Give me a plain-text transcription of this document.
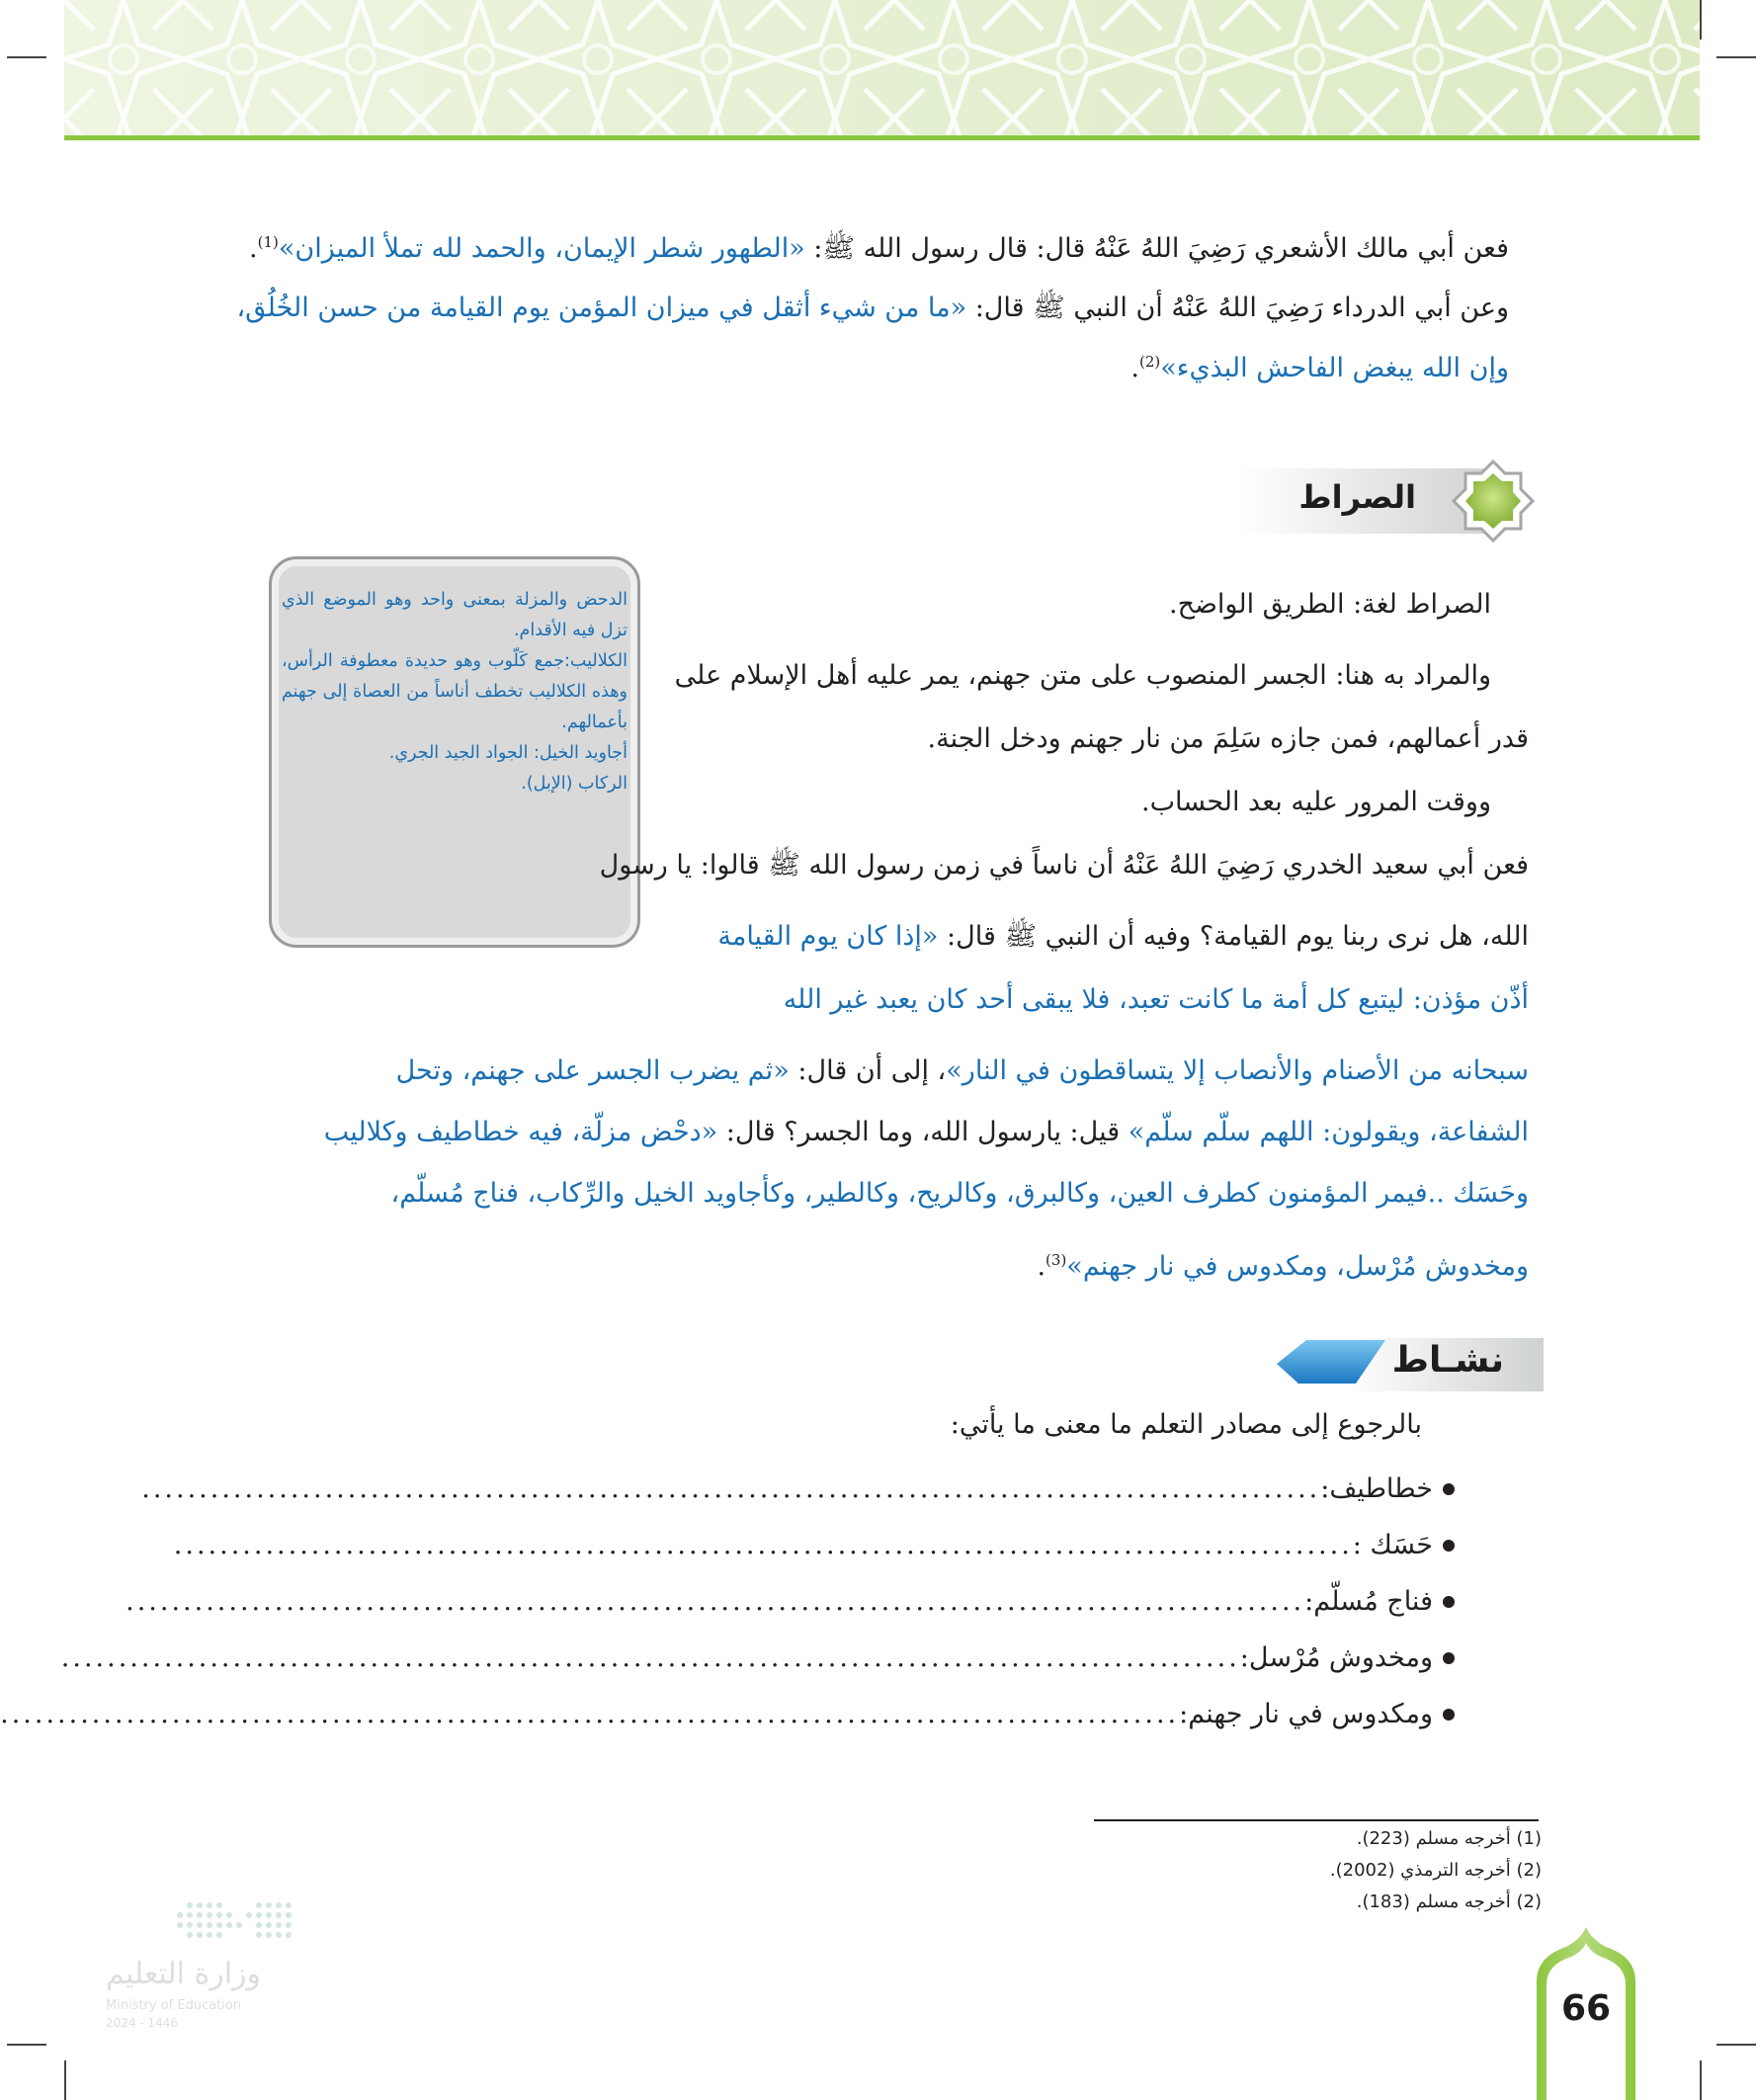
فعن أبي مالك الأشعري رَضِيَ اللهُ عَنْهُ قال: قال رسول الله ﷺ: «الطهور شطر الإيمان، والحمد لله تملأ الميزان»$^{(1)}$.
وعن أبي الدرداء رَضِيَ اللهُ عَنْهُ أن النبي ﷺ قال: «ما من شيء أثقل في ميزان المؤمن يوم القيامة من حسن الخُلُق،
وإن الله يبغض الفاحش البذيء»$^{(2)}$.
الصراط

الدحض والمزلة بمعنى واحد وهو الموضع الذي تزل فيه الأقدام.

الكلاليب:جمع كَلّوب وهو حديدة معطوفة الرأس، وهذه الكلاليب تخطف أناساً من العصاة إلى جهنم بأعمالهم.

أجاويد الخيل: الجواد الجيد الجري.

الركاب (الإبل).

الصراط لغة: الطريق الواضح.
والمراد به هنا: الجسر المنصوب على متن جهنم، يمر عليه أهل الإسلام على
قدر أعمالهم، فمن جازه سَلِمَ من نار جهنم ودخل الجنة.
ووقت المرور عليه بعد الحساب.
فعن أبي سعيد الخدري رَضِيَ اللهُ عَنْهُ أن ناساً في زمن رسول الله ﷺ قالوا: يا رسول
الله، هل نرى ربنا يوم القيامة؟ وفيه أن النبي ﷺ قال: «إذا كان يوم القيامة
أذّن مؤذن: ليتبع كل أمة ما كانت تعبد، فلا يبقى أحد كان يعبد غير الله
سبحانه من الأصنام والأنصاب إلا يتساقطون في النار»، إلى أن قال: «ثم يضرب الجسر على جهنم، وتحل
الشفاعة، ويقولون: اللهم سلّم سلّم» قيل: يارسول الله، وما الجسر؟ قال: «دحْض مزلّة، فيه خطاطيف وكلاليب
وحَسَك ..فيمر المؤمنون كطرف العين، وكالبرق، وكالريح، وكالطير، وكأجاويد الخيل والرِّكاب، فناج مُسلّم،
ومخدوش مُرْسل، ومكدوس في نار جهنم»$^{(3)}$.
نشـاط
بالرجوع إلى مصادر التعلم ما معنى ما يأتي:
خطاطيف:
.......................................................................................................
حَسَك :
.......................................................................................................
فناج مُسلّم:
.......................................................................................................
ومخدوش مُرْسل:
.......................................................................................................
ومكدوس في نار جهنم:
.......................................................................................................
(1) أخرجه مسلم (223).
(2) أخرجه الترمذي (2002).
(2) أخرجه مسلم (183).
وزارة التعليم
Ministry of Education
2024 - 1446	66
